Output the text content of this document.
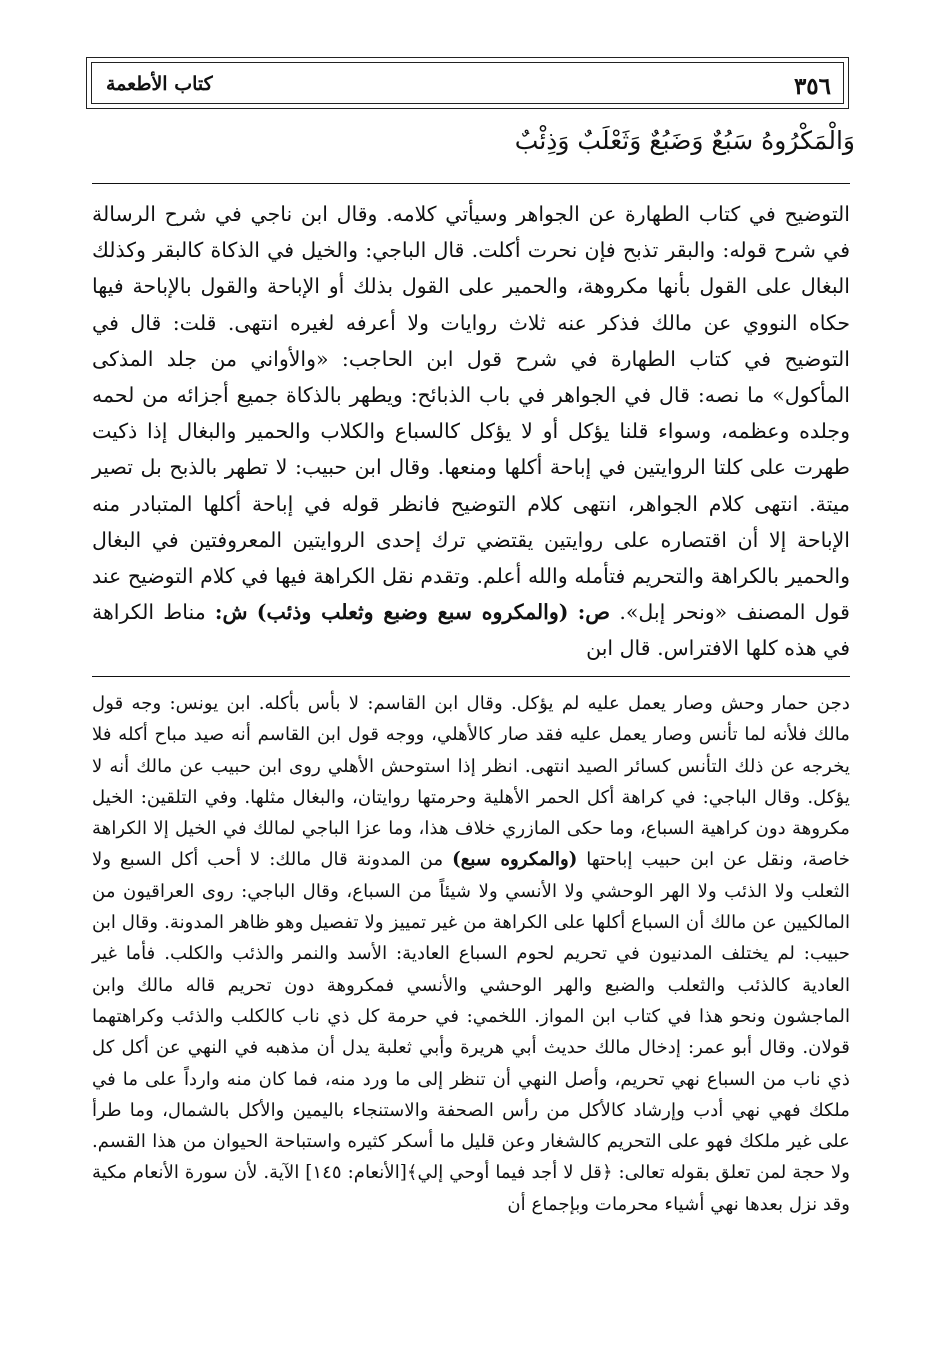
٣٥٦
كتاب الأطعمة
وَالْمَكْرُوهُ سَبُعٌ وَضَبُعٌ وَثَعْلَبٌ وَذِئْبٌ

التوضيح في كتاب الطهارة عن الجواهر وسيأتي كلامه. وقال ابن ناجي في شرح الرسالة في شرح قوله: والبقر تذبح فإن نحرت أكلت. قال الباجي: والخيل في الذكاة كالبقر وكذلك البغال على القول بأنها مكروهة، والحمير على القول بذلك أو الإباحة والقول بالإباحة فيها حكاه النووي عن مالك فذكر عنه ثلاث روايات ولا أعرفه لغيره انتهى. قلت: قال في التوضيح في كتاب الطهارة في شرح قول ابن الحاجب: «والأواني من جلد المذكى المأكول» ما نصه: قال في الجواهر في باب الذبائح: ويطهر بالذكاة جميع أجزائه من لحمه وجلده وعظمه، وسواء قلنا يؤكل أو لا يؤكل كالسباع والكلاب والحمير والبغال إذا ذكيت طهرت على كلتا الروايتين في إباحة أكلها ومنعها. وقال ابن حبيب: لا تطهر بالذبح بل تصير ميتة. انتهى كلام الجواهر، انتهى كلام التوضيح فانظر قوله في إباحة أكلها المتبادر منه الإباحة إلا أن اقتصاره على روايتين يقتضي ترك إحدى الروايتين المعروفتين في البغال والحمير بالكراهة والتحريم فتأمله والله أعلم. وتقدم نقل الكراهة فيها في كلام التوضيح عند قول المصنف «ونحر إبل». ص: (والمكروه سبع وضبع وثعلب وذئب) ش: مناط الكراهة في هذه كلها الافتراس. قال ابن

دجن حمار وحش وصار يعمل عليه لم يؤكل. وقال ابن القاسم: لا بأس بأكله. ابن يونس: وجه قول مالك فلأنه لما تأنس وصار يعمل عليه فقد صار كالأهلي، ووجه قول ابن القاسم أنه صيد مباح أكله فلا يخرجه عن ذلك التأنس كسائر الصيد انتهى. انظر إذا استوحش الأهلي روى ابن حبيب عن مالك أنه لا يؤكل. وقال الباجي: في كراهة أكل الحمر الأهلية وحرمتها روايتان، والبغال مثلها. وفي التلقين: الخيل مكروهة دون كراهية السباع، وما حكى المازري خلاف هذا، وما عزا الباجي لمالك في الخيل إلا الكراهة خاصة، ونقل عن ابن حبيب إباحتها (والمكروه سبع) من المدونة قال مالك: لا أحب أكل السبع ولا الثعلب ولا الذئب ولا الهر الوحشي ولا الأنسي ولا شيئاً من السباع، وقال الباجي: روى العراقيون من المالكيين عن مالك أن السباع أكلها على الكراهة من غير تمييز ولا تفصيل وهو ظاهر المدونة. وقال ابن حبيب: لم يختلف المدنيون في تحريم لحوم السباع العادية: الأسد والنمر والذئب والكلب. فأما غير العادية كالذئب والثعلب والضبع والهر الوحشي والأنسي فمكروهة دون تحريم قاله مالك وابن الماجشون ونحو هذا في كتاب ابن المواز. اللخمي: في حرمة كل ذي ناب كالكلب والذئب وكراهتهما قولان. وقال أبو عمر: إدخال مالك حديث أبي هريرة وأبي ثعلبة يدل أن مذهبه في النهي عن أكل كل ذي ناب من السباع نهي تحريم، وأصل النهي أن تنظر إلى ما ورد منه، فما كان منه وارداً على ما في ملكك فهي نهي أدب وإرشاد كالأكل من رأس الصحفة والاستنجاء باليمين والأكل بالشمال، وما طرأ على غير ملكك فهو على التحريم كالشغار وعن قليل ما أسكر كثيره واستباحة الحيوان من هذا القسم. ولا حجة لمن تعلق بقوله تعالى: ﴿قل لا أجد فيما أوحي إلي﴾[الأنعام: ١٤٥] الآية. لأن سورة الأنعام مكية وقد نزل بعدها نهي أشياء محرمات وبإجماع أن
